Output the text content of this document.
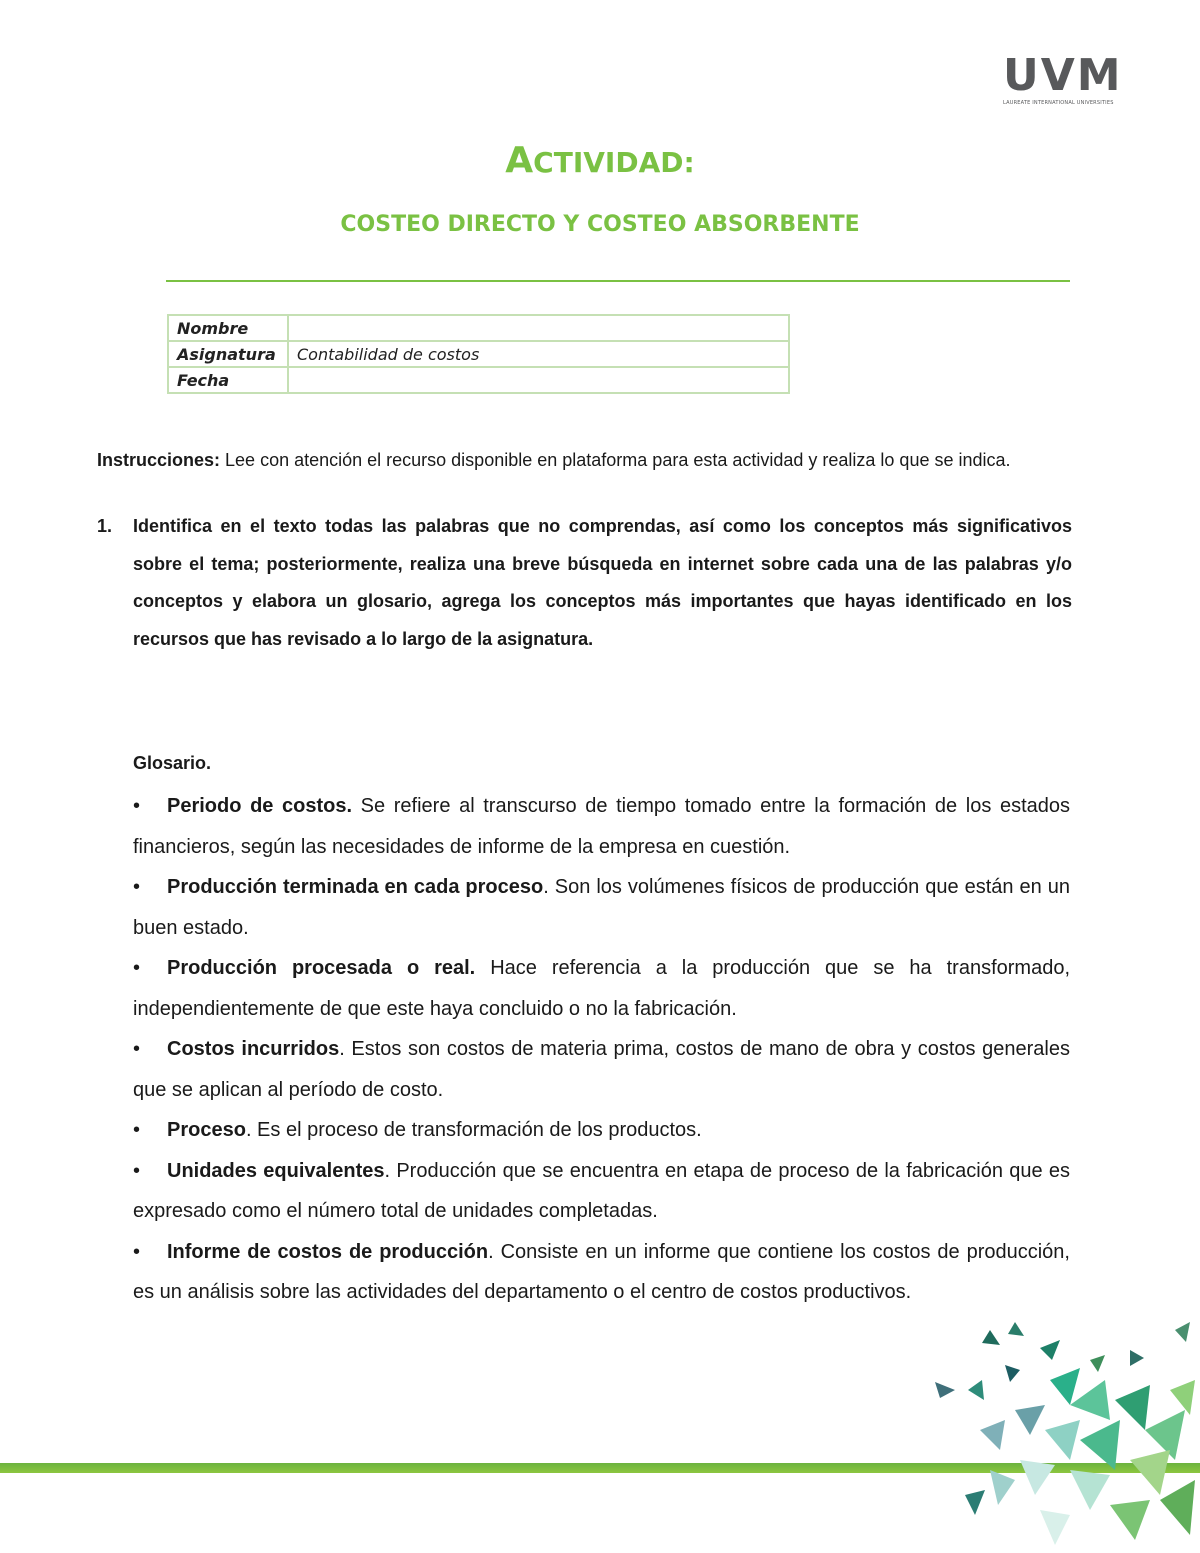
UVM
LAUREATE INTERNATIONAL UNIVERSITIES
ACTIVIDAD:
COSTEO DIRECTO Y COSTEO ABSORBENTE
Nombre	
Asignatura	Contabilidad de costos
Fecha	
Instrucciones: Lee con atención el recurso disponible en plataforma para esta actividad y realiza lo que se indica.
1. Identifica en el texto todas las palabras que no comprendas, así como los conceptos más significativos sobre el tema; posteriormente, realiza una breve búsqueda en internet sobre cada una de las palabras y/o conceptos y elabora un glosario, agrega los conceptos más importantes que hayas identificado en los recursos que has revisado a lo largo de la asignatura.
Glosario.

• Periodo de costos. Se refiere al transcurso de tiempo tomado entre la formación de los estados financieros, según las necesidades de informe de la empresa en cuestión.

• Producción terminada en cada proceso. Son los volúmenes físicos de producción que están en un buen estado.

• Producción procesada o real. Hace referencia a la producción que se ha transformado, independientemente de que este haya concluido o no la fabricación.

• Costos incurridos. Estos son costos de materia prima, costos de mano de obra y costos generales que se aplican al período de costo.

• Proceso. Es el proceso de transformación de los productos.

• Unidades equivalentes. Producción que se encuentra en etapa de proceso de la fabricación que es expresado como el número total de unidades completadas.

• Informe de costos de producción. Consiste en un informe que contiene los costos de producción, es un análisis sobre las actividades del departamento o el centro de costos productivos.
